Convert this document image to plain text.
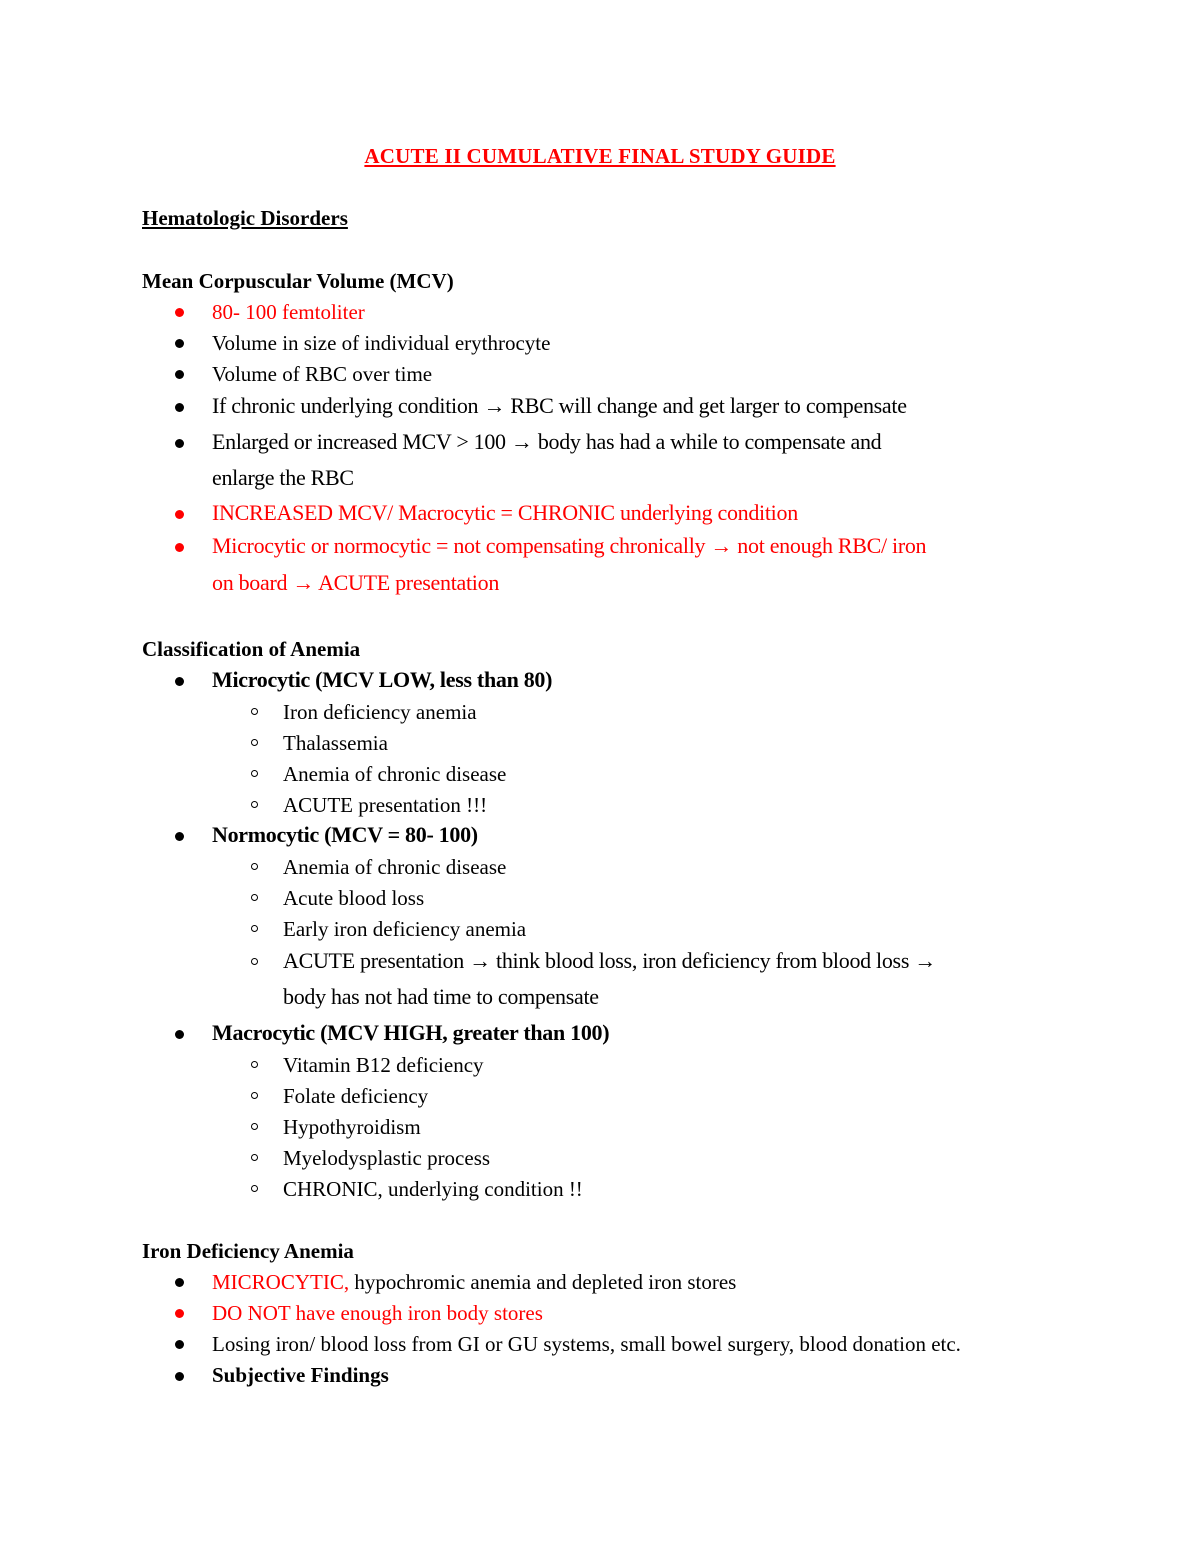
ACUTE II CUMULATIVE FINAL STUDY GUIDE
Hematologic Disorders
Mean Corpuscular Volume (MCV)
80- 100 femtoliter
Volume in size of individual erythrocyte
Volume of RBC over time
If chronic underlying condition → RBC will change and get larger to compensate
Enlarged or increased MCV > 100 → body has had a while to compensate and
enlarge the RBC
INCREASED MCV/ Macrocytic = CHRONIC underlying condition
Microcytic or normocytic = not compensating chronically → not enough RBC/ iron
on board → ACUTE presentation
Classification of Anemia
Microcytic (MCV LOW, less than 80)
Iron deficiency anemia
Thalassemia
Anemia of chronic disease
ACUTE presentation !!!
Normocytic (MCV = 80- 100)
Anemia of chronic disease
Acute blood loss
Early iron deficiency anemia
ACUTE presentation → think blood loss, iron deficiency from blood loss →
body has not had time to compensate
Macrocytic (MCV HIGH, greater than 100)
Vitamin B12 deficiency
Folate deficiency
Hypothyroidism
Myelodysplastic process
CHRONIC, underlying condition !!
Iron Deficiency Anemia
MICROCYTIC, hypochromic anemia and depleted iron stores
DO NOT have enough iron body stores
Losing iron/ blood loss from GI or GU systems, small bowel surgery, blood donation etc.
Subjective Findings
